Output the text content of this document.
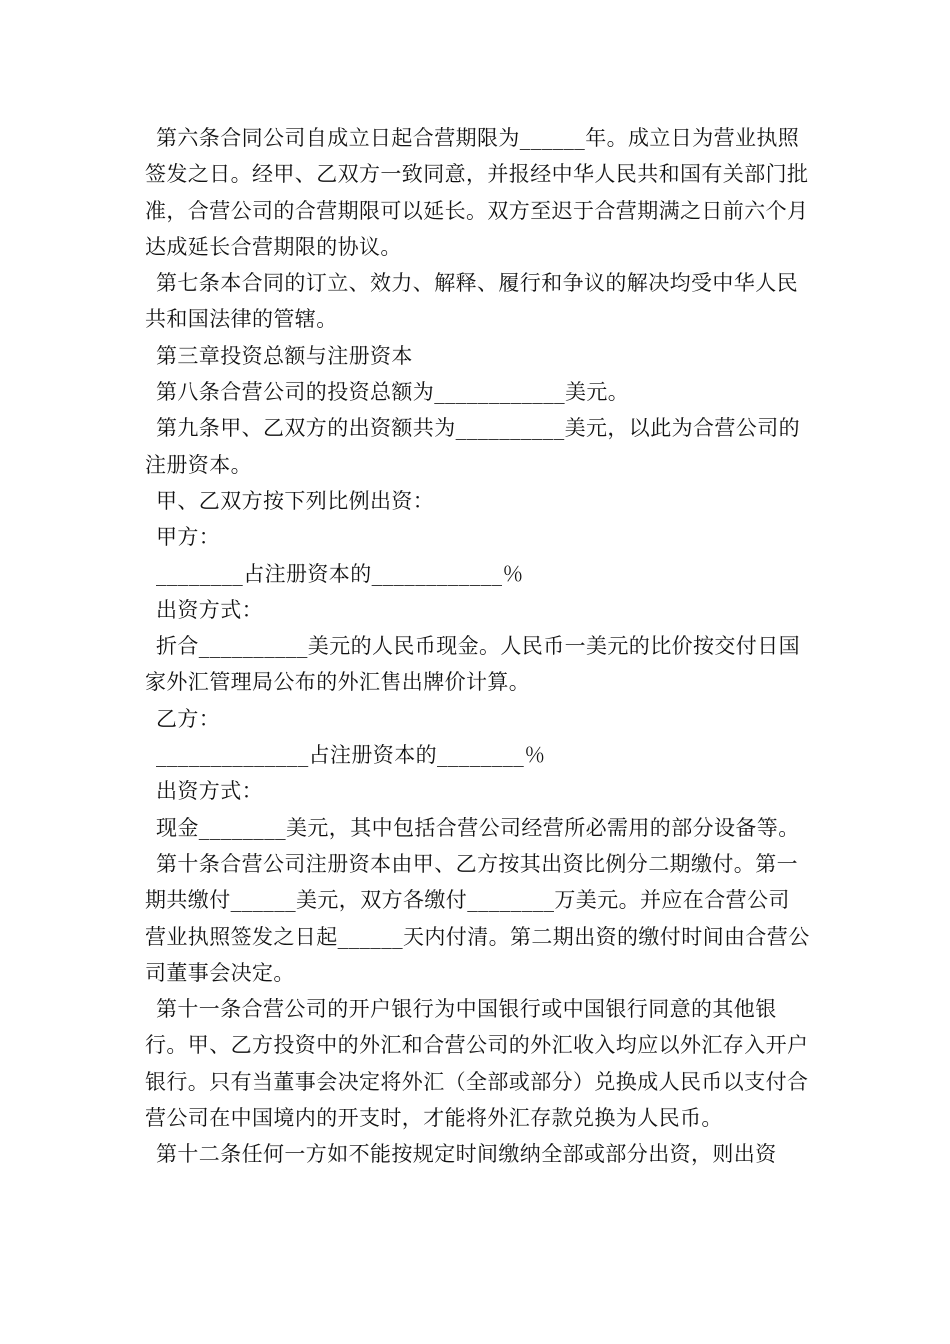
第六条合同公司自成立日起合营期限为______年。成立日为营业执照签发之日。经甲、乙双方一致同意，并报经中华人民共和国有关部门批准，合营公司的合营期限可以延长。双方至迟于合营期满之日前六个月达成延长合营期限的协议。

第七条本合同的订立、效力、解释、履行和争议的解决均受中华人民共和国法律的管辖。

第三章投资总额与注册资本

第八条合营公司的投资总额为____________美元。

第九条甲、乙双方的出资额共为__________美元，以此为合营公司的注册资本。

甲、乙双方按下列比例出资：

甲方：

________占注册资本的____________％

出资方式：

折合__________美元的人民币现金。人民币一美元的比价按交付日国家外汇管理局公布的外汇售出牌价计算。

乙方：

______________占注册资本的________％

出资方式：

现金________美元，其中包括合营公司经营所必需用的部分设备等。

第十条合营公司注册资本由甲、乙方按其出资比例分二期缴付。第一期共缴付______美元，双方各缴付________万美元。并应在合营公司营业执照签发之日起______天内付清。第二期出资的缴付时间由合营公司董事会决定。

第十一条合营公司的开户银行为中国银行或中国银行同意的其他银行。甲、乙方投资中的外汇和合营公司的外汇收入均应以外汇存入开户银行。只有当董事会决定将外汇（全部或部分）兑换成人民币以支付合营公司在中国境内的开支时，才能将外汇存款兑换为人民币。

第十二条任何一方如不能按规定时间缴纳全部或部分出资，则出资
